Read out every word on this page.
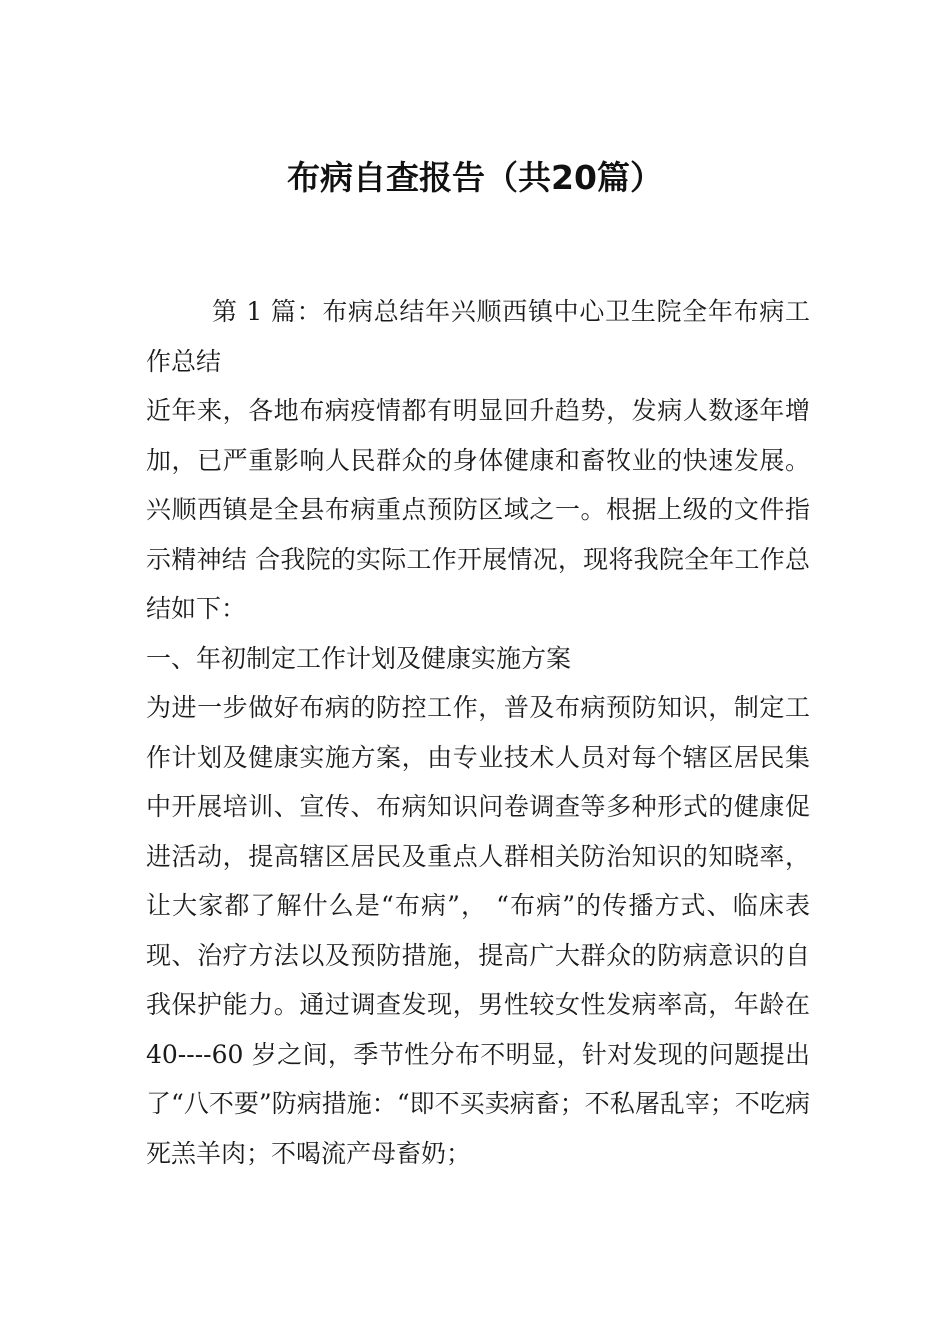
布病自查报告（共20篇）

第 1 篇：布病总结年兴顺西镇中心卫生院全年布病工作总结

近年来，各地布病疫情都有明显回升趋势，发病人数逐年增加，已严重影响人民群众的身体健康和畜牧业的快速发展。兴顺西镇是全县布病重点预防区域之一。根据上级的文件指示精神结 合我院的实际工作开展情况，现将我院全年工作总结如下：

一、年初制定工作计划及健康实施方案

为进一步做好布病的防控工作，普及布病预防知识，制定工作计划及健康实施方案，由专业技术人员对每个辖区居民集中开展培训、宣传、布病知识问卷调查等多种形式的健康促进活动，提高辖区居民及重点人群相关防治知识的知晓率，让大家都了解什么是“布病”， “布病”的传播方式、临床表现、治疗方法以及预防措施，提高广大群众的防病意识的自我保护能力。通过调查发现，男性较女性发病率高，年龄在 40----60 岁之间，季节性分布不明显，针对发现的问题提出了“八不要”防病措施：“即不买卖病畜；不私屠乱宰；不吃病死羔羊肉；不喝流产母畜奶；
